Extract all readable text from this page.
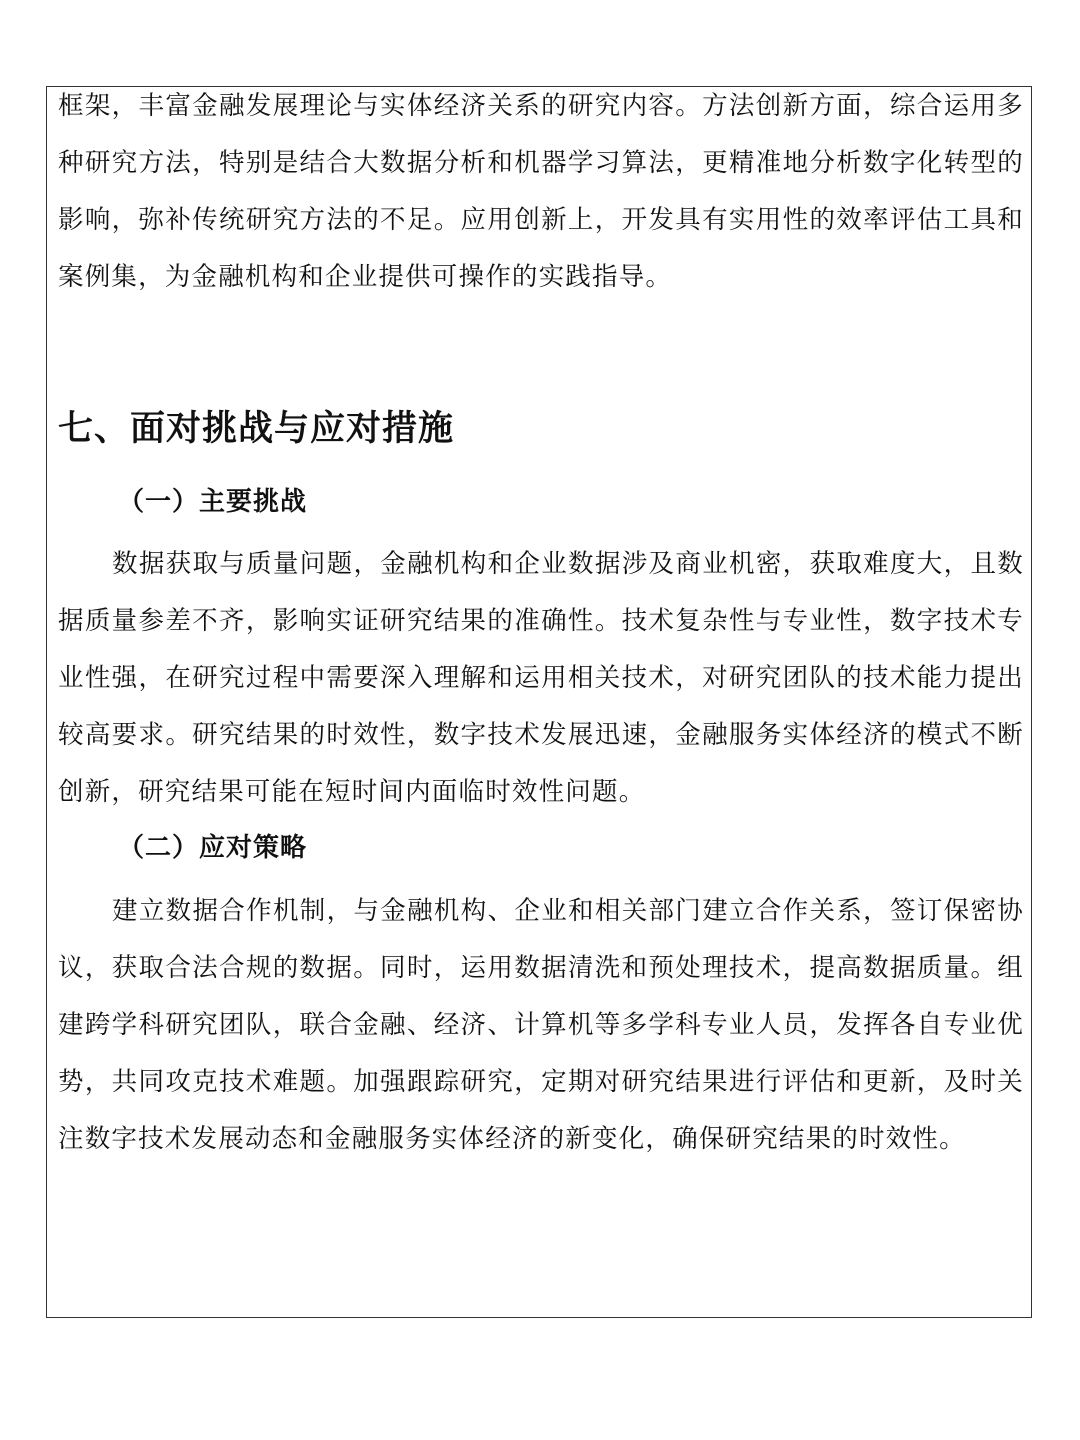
框架，丰富金融发展理论与实体经济关系的研究内容。方法创新方面，综合运用多种研究方法，特别是结合大数据分析和机器学习算法，更精准地分析数字化转型的影响，弥补传统研究方法的不足。应用创新上，开发具有实用性的效率评估工具和案例集，为金融机构和企业提供可操作的实践指导。

七、面对挑战与应对措施
（一）主要挑战

数据获取与质量问题，金融机构和企业数据涉及商业机密，获取难度大，且数据质量参差不齐，影响实证研究结果的准确性。技术复杂性与专业性，数字技术专业性强，在研究过程中需要深入理解和运用相关技术，对研究团队的技术能力提出较高要求。研究结果的时效性，数字技术发展迅速，金融服务实体经济的模式不断创新，研究结果可能在短时间内面临时效性问题。

（二）应对策略

建立数据合作机制，与金融机构、企业和相关部门建立合作关系，签订保密协议，获取合法合规的数据。同时，运用数据清洗和预处理技术，提高数据质量。组建跨学科研究团队，联合金融、经济、计算机等多学科专业人员，发挥各自专业优势，共同攻克技术难题。加强跟踪研究，定期对研究结果进行评估和更新，及时关注数字技术发展动态和金融服务实体经济的新变化，确保研究结果的时效性。
